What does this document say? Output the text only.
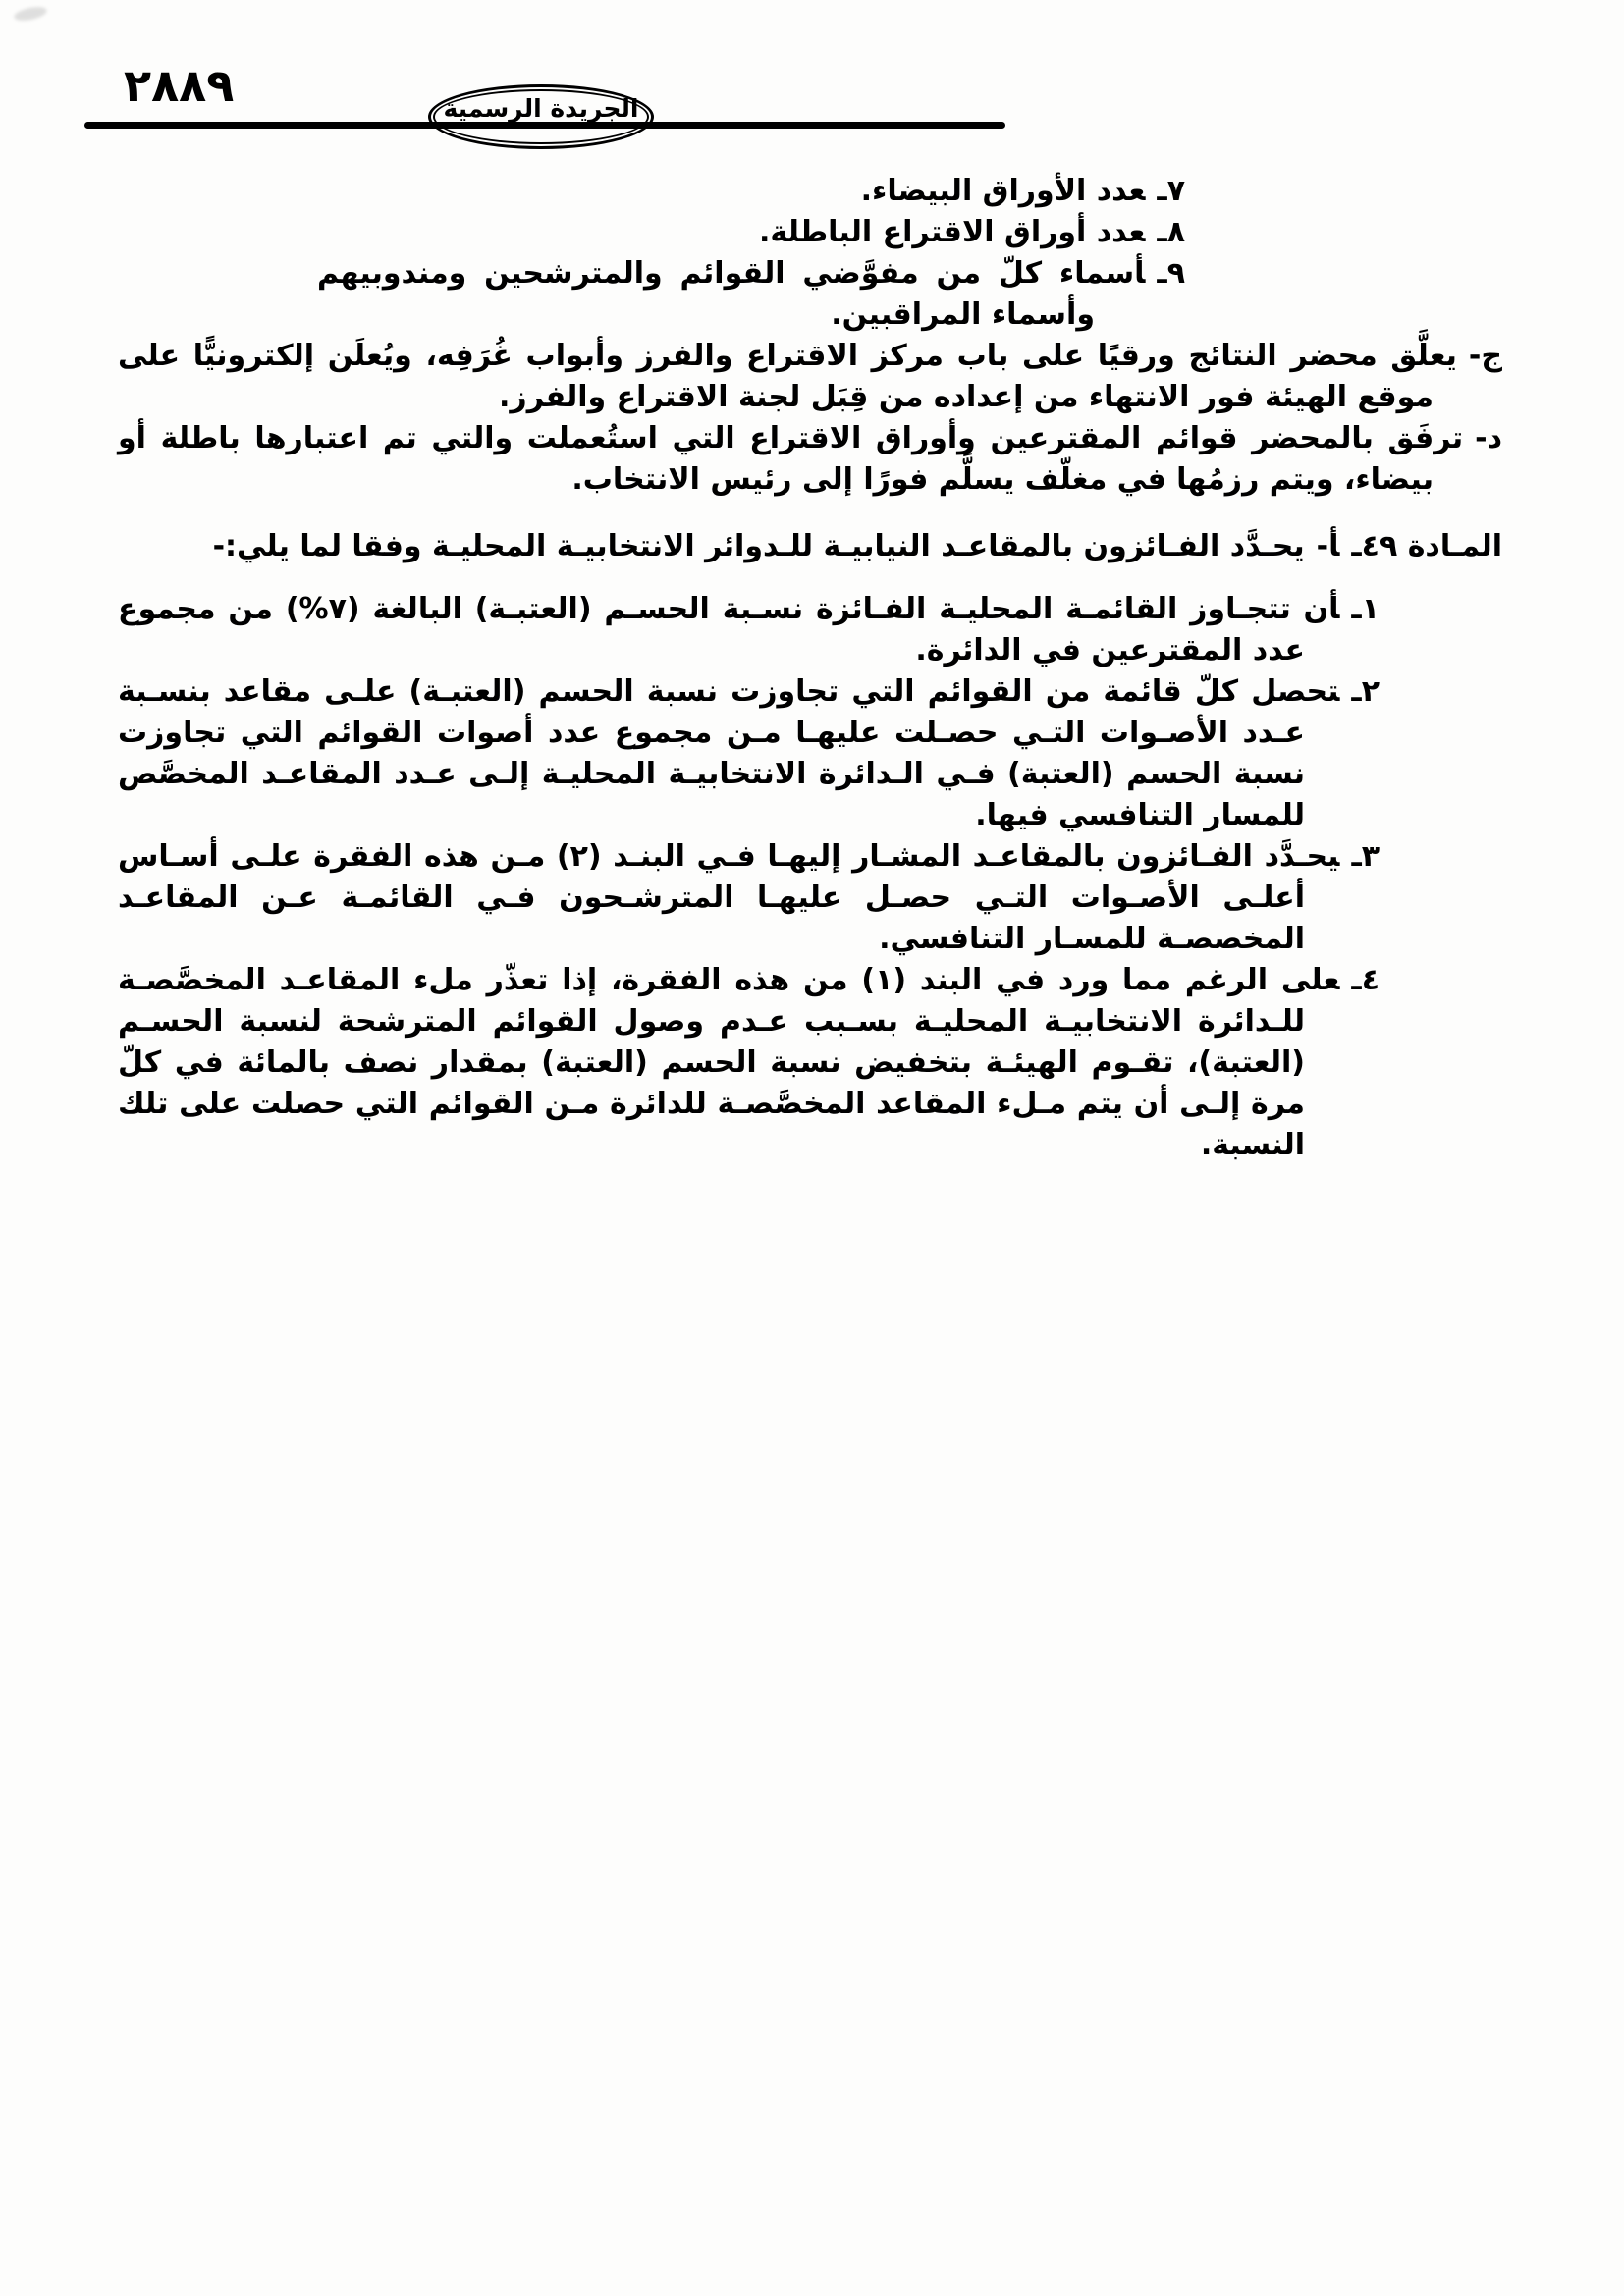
٢٨٨٩	الجريدة الرسمية
٧ـعدد الأوراق البيضاء.
٨ـعدد أوراق الاقتراع الباطلة.
٩ـأسماء كلّ من مفوَّضي القوائم والمترشحين ومندوبيهم وأسماء المراقبين.
ج-يعلَّق محضر النتائج ورقيًا على باب مركز الاقتراع والفرز وأبواب غُرَفِه، ويُعلَن إلكترونيًّا على موقع الهيئة فور الانتهاء من إعداده من قِبَل لجنة الاقتراع والفرز.
د-ترفَق بالمحضر قوائم المقترعين وأوراق الاقتراع التي استُعملت والتي تم اعتبارها باطلة أو بيضاء، ويتم رزمُها في مغلّف يسلَّم فورًا إلى رئيس الانتخاب.
المـادة ٤٩ـأ-يحـدَّد الفـائزون بالمقاعـد النيابيـة للـدوائر الانتخابيـة المحليـة وفقا لما يلي:-
١ـأن تتجـاوز القائمـة المحليـة الفـائزة نسـبة الحسـم (العتبـة) البالغة (٧%) من مجموع عدد المقترعين في الدائرة.
٢ـتحصل كلّ قائمة من القوائم التي تجاوزت نسبة الحسم (العتبـة) علـى مقاعد بنسـبة عـدد الأصـوات التـي حصـلت عليهـا مـن مجموع عدد أصوات القوائم التي تجاوزت نسبة الحسم (العتبة) فـي الـدائرة الانتخابيـة المحليـة إلـى عـدد المقاعـد المخصَّص للمسار التنافسي فيها.
٣ـيحـدَّد الفـائزون بالمقاعـد المشـار إليهـا فـي البنـد (٢) مـن هذه الفقرة علـى أسـاس أعلـى الأصـوات التـي حصـل عليهـا المترشـحون فـي القائمـة عـن المقاعـد المخصصـة للمسـار التنافسي.
٤ـعلى الرغم مما ورد في البند (١) من هذه الفقرة، إذا تعذّر ملء المقاعـد المخصَّصـة للـدائرة الانتخابيـة المحليـة بسـبب عـدم وصول القوائم المترشحة لنسبة الحسـم (العتبة)، تقـوم الهيئـة بتخفيض نسبة الحسم (العتبة) بمقدار نصف بالمائة في كلّ مرة إلـى أن يتم مـلء المقاعد المخصَّصـة للدائرة مـن القوائم التي حصلت على تلك النسبة.
